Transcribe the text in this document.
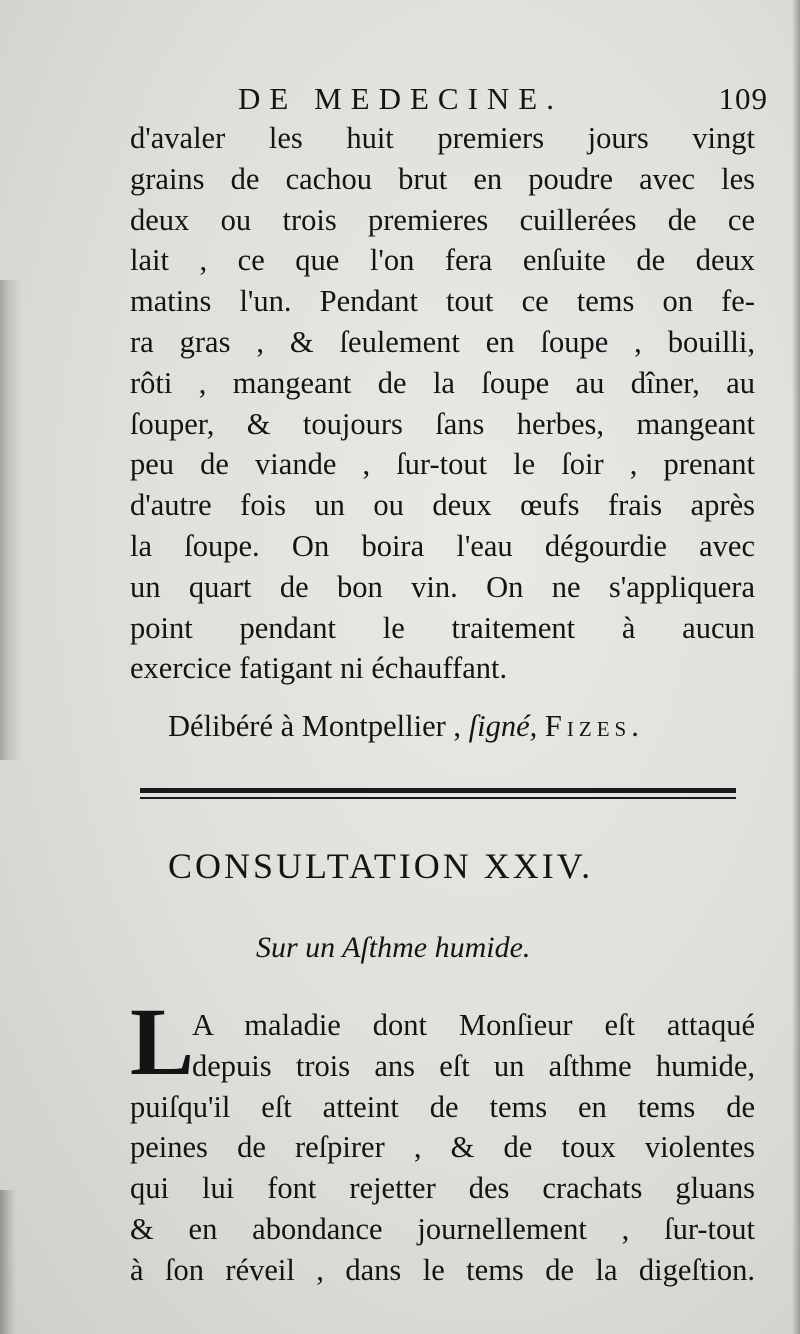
DE MEDECINE.	109
d'avaler les huit premiers jours vingt
grains de cachou brut en poudre avec les
deux ou trois premieres cuillerées de ce
lait , ce que l'on fera enſuite de deux
matins l'un. Pendant tout ce tems on fe-
ra gras , & ſeulement en ſoupe , bouilli,
rôti , mangeant de la ſoupe au dîner, au
ſouper, & toujours ſans herbes, mangeant
peu de viande , ſur-tout le ſoir , prenant
d'autre fois un ou deux œufs frais après
la ſoupe. On boira l'eau dégourdie avec
un quart de bon vin. On ne s'appliquera
point pendant le traitement à aucun
exercice fatigant ni échauffant.
Délibéré à Montpellier , ſigné, Fizes.
CONSULTATION XXIV.
Sur un Aſthme humide.
L
A maladie dont Monſieur eſt attaqué
depuis trois ans eſt un aſthme humide,
puiſqu'il eſt atteint de tems en tems de
peines de reſpirer , & de toux violentes
qui lui font rejetter des crachats gluans
& en abondance journellement , ſur-tout
à ſon réveil , dans le tems de la digeſtion.
